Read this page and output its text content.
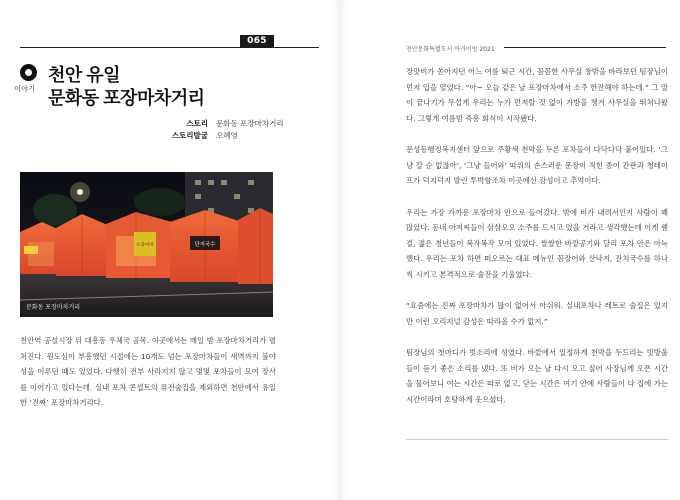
065
이야기
천안 유일
문화동 포장마차거리
스토리 문화동 포장마차거리
스토리발굴 오혜영
포장마차	단지국수
문화동 포장마차거리

천안역 공설시장 뒤 대흥동 우체국 골목. 이곳에서는 매일 밤 포장마차거리가 펼쳐진다. 원도심이 부흥했던 시절에는 10개도 넘는 포장마차들이 새벽까지 불야성을 이루던 때도 있었다. 다행히 전부 사라지지 않고 몇몇 포차들이 모여 장사를 이어가고 있다는데. 실내 포차 콘셉트의 퓨전술집을 제외하면 천안에서 유일한 ‘진짜’ 포장마차거리다.

천안문화특별도시 아카이빙 2021

장맛비가 쏟아지던 어느 여름 퇴근 시간, 꼼꼼한 사무실 창밖을 바라보던 팀장님이 먼저 입을 열었다. “아~ 오늘 같은 날 포장마차에서 소주 한잔해야 하는데.” 그 말이 끝나기가 무섭게 우리는 누가 먼저랄 것 없이 가방을 챙겨 사무실을 뛰쳐나왔다. 그렇게 여름밤 즉흥 회식이 시작됐다.

문성동행정복지센터 앞으로 주황색 천막을 두른 포차들이 다닥다닥 붙어있다. ‘그냥 갈 순 없잖아’, ‘그냥 들어와’ 따위의 손스러운 문장이 적힌 종이 간판과 청테이프가 덕지덕지 발린 투박함조차 이곳에선 감성이고 추억이다.

우리는 가장 가까운 포장마차 안으로 들어갔다. 밖에 비가 내려서인지 사람이 꽤 많았다. 동네 아저씨들이 삼삼오오 소주를 드시고 있을 거라고 생각했는데 이게 웬걸, 젊은 청년들이 복작복작 모여 있었다. 쌀쌀한 바깥공기와 달리 포차 안은 아늑했다. 우리는 포차 하면 떠오르는 대표 메뉴인 꼼장어와 산낙지, 잔치국수를 하나씩 시키고 본격적으로 술잔을 기울였다.

“요즘에는 진짜 포장마차가 많이 없어서 아쉬워. 실내포차나 레트로 술집은 있지만 이런 오리지널 감성은 따라올 수가 없지.”

팀장님의 첫마디가 빗소리에 섞였다. 바깥에서 일정하게 천막을 두드리는 빗방울들이 듣기 좋은 소리를 냈다. 또 비가 오는 날 다시 오고 싶어 사장님께 오픈 시간을 물어보니 여는 시간은 따로 없고, 닫는 시간은 여기 안에 사람들이 다 집에 가는 시간이라며 호탕하게 웃으셨다.
